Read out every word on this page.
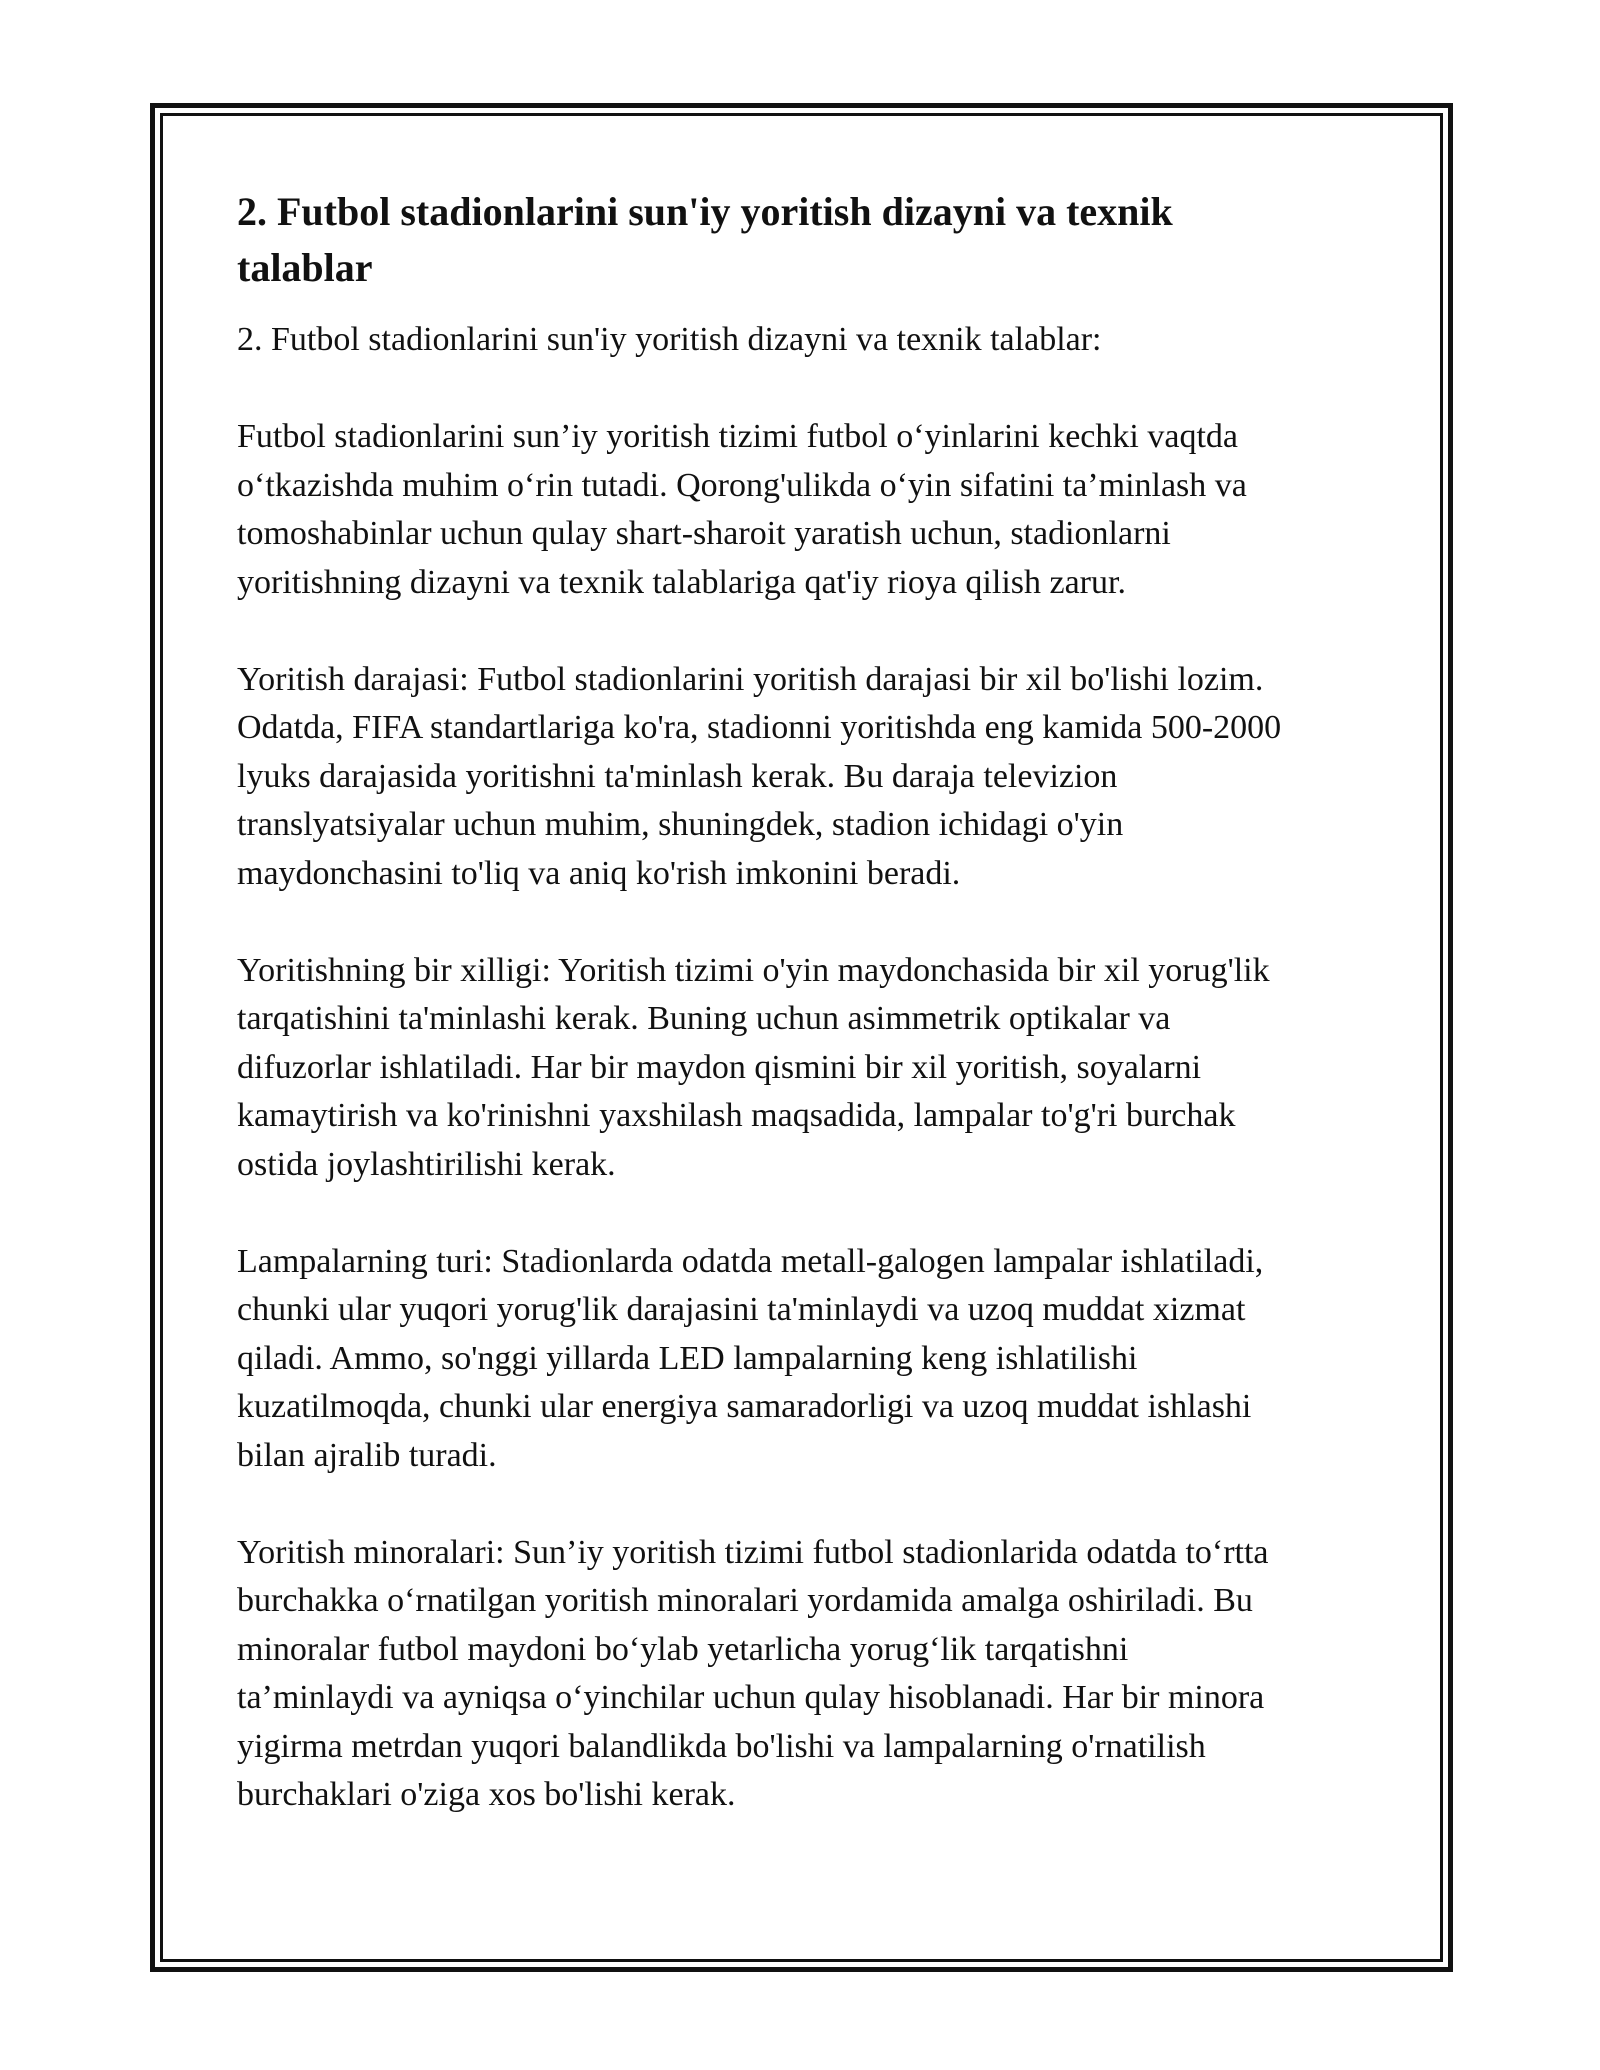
2. Futbol stadionlarini sun'iy yoritish dizayni va texnik talablar

2. Futbol stadionlarini sun'iy yoritish dizayni va texnik talablar:

Futbol stadionlarini sun’iy yoritish tizimi futbol o‘yinlarini kechki vaqtda
o‘tkazishda muhim o‘rin tutadi. Qorong'ulikda o‘yin sifatini ta’minlash va
tomoshabinlar uchun qulay shart-sharoit yaratish uchun, stadionlarni
yoritishning dizayni va texnik talablariga qat'iy rioya qilish zarur.

Yoritish darajasi: Futbol stadionlarini yoritish darajasi bir xil bo'lishi lozim.
Odatda, FIFA standartlariga ko'ra, stadionni yoritishda eng kamida 500-2000
lyuks darajasida yoritishni ta'minlash kerak. Bu daraja televizion
translyatsiyalar uchun muhim, shuningdek, stadion ichidagi o'yin
maydonchasini to'liq va aniq ko'rish imkonini beradi.

Yoritishning bir xilligi: Yoritish tizimi o'yin maydonchasida bir xil yorug'lik
tarqatishini ta'minlashi kerak. Buning uchun asimmetrik optikalar va
difuzorlar ishlatiladi. Har bir maydon qismini bir xil yoritish, soyalarni
kamaytirish va ko'rinishni yaxshilash maqsadida, lampalar to'g'ri burchak
ostida joylashtirilishi kerak.

Lampalarning turi: Stadionlarda odatda metall-galogen lampalar ishlatiladi,
chunki ular yuqori yorug'lik darajasini ta'minlaydi va uzoq muddat xizmat
qiladi. Ammo, so'nggi yillarda LED lampalarning keng ishlatilishi
kuzatilmoqda, chunki ular energiya samaradorligi va uzoq muddat ishlashi
bilan ajralib turadi.

Yoritish minoralari: Sun’iy yoritish tizimi futbol stadionlarida odatda to‘rtta
burchakka o‘rnatilgan yoritish minoralari yordamida amalga oshiriladi. Bu
minoralar futbol maydoni bo‘ylab yetarlicha yorug‘lik tarqatishni
ta’minlaydi va ayniqsa o‘yinchilar uchun qulay hisoblanadi. Har bir minora
yigirma metrdan yuqori balandlikda bo'lishi va lampalarning o'rnatilish
burchaklari o'ziga xos bo'lishi kerak.
